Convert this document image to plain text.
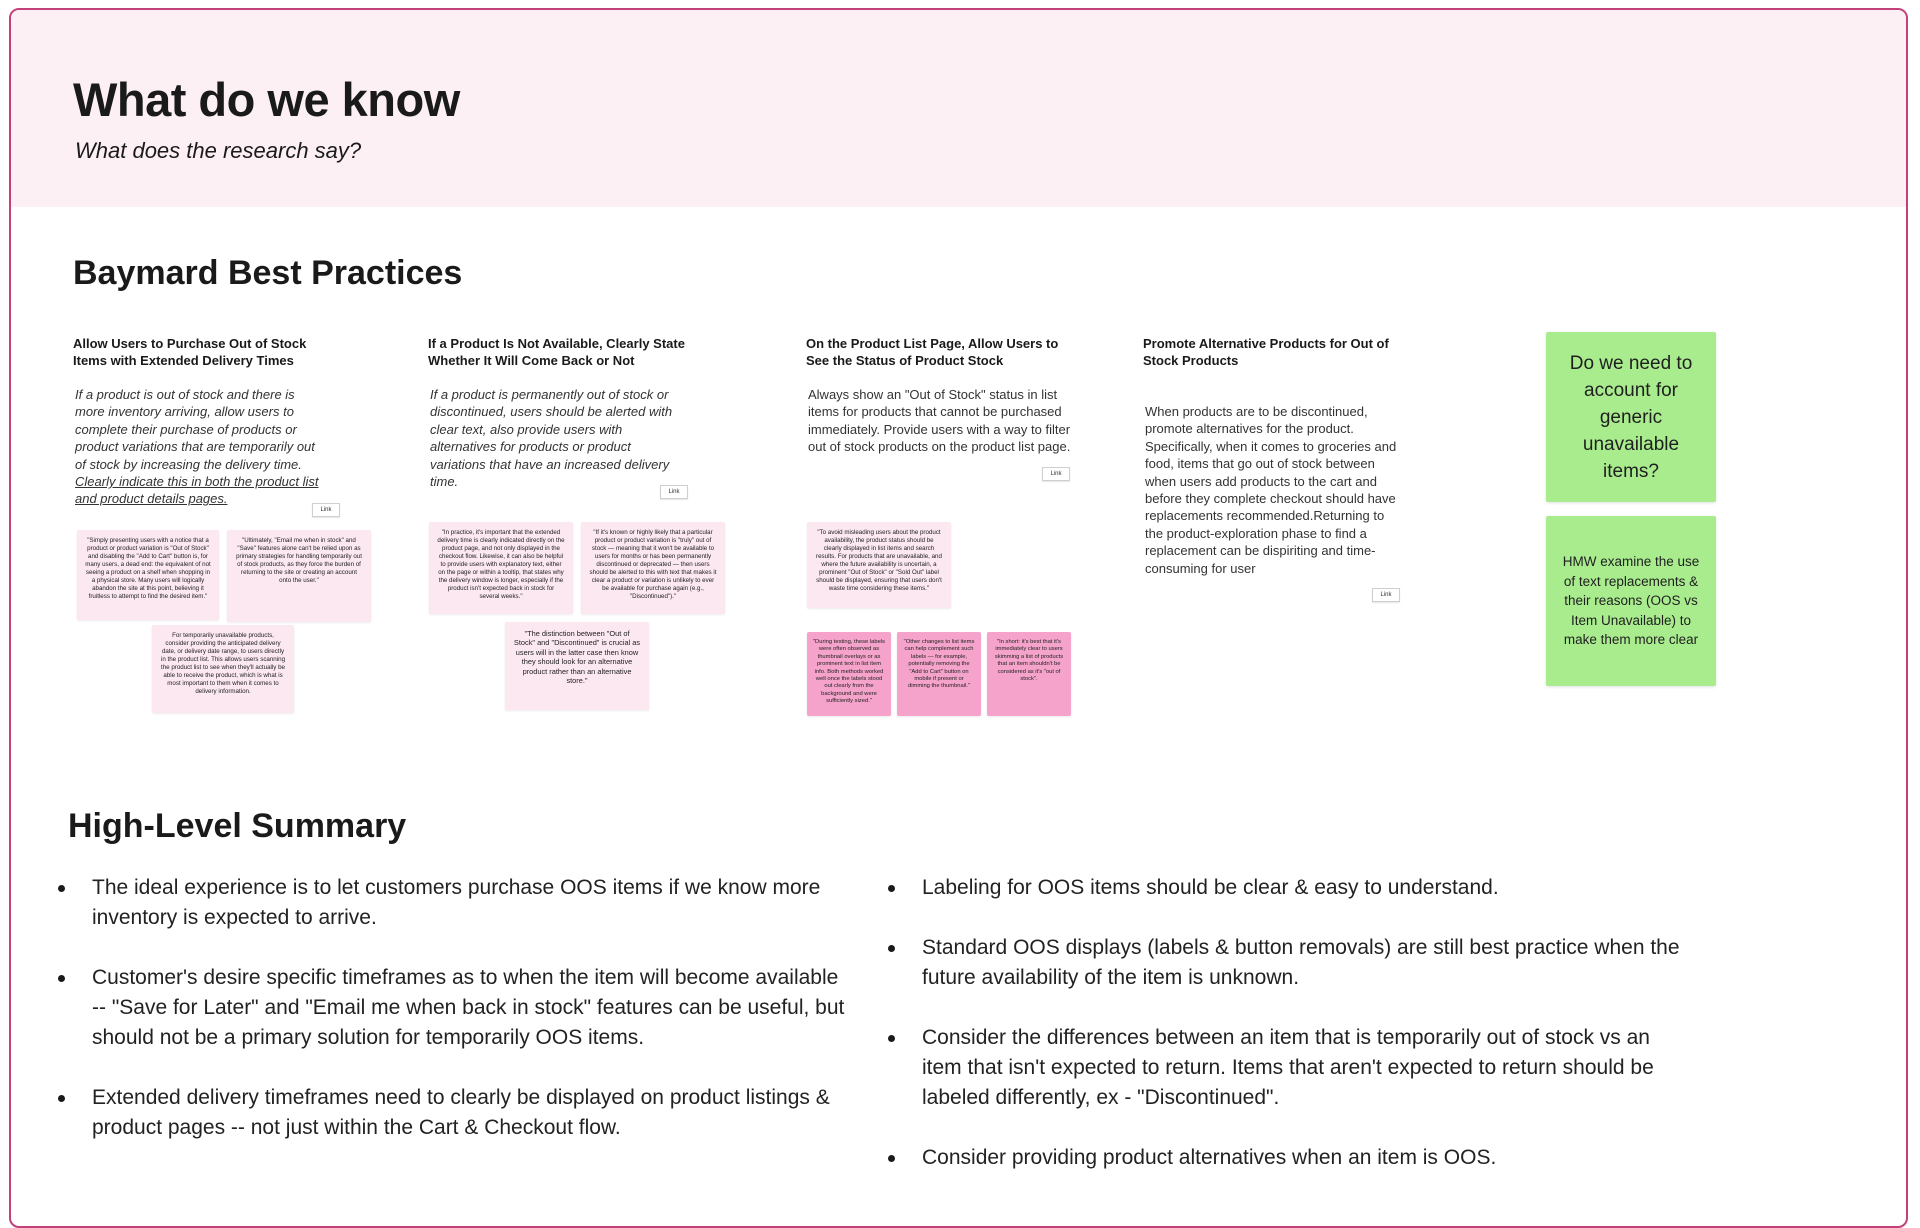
What do we know
What does the research say?
Baymard Best Practices
Allow Users to Purchase Out of Stock Items with Extended Delivery Times
If a product is out of stock and there is more inventory arriving, allow users to complete their purchase of products or product variations that are temporarily out of stock by increasing the delivery time. Clearly indicate this in both the product list and product details pages.
Link
"Simply presenting users with a notice that a product or product variation is "Out of Stock" and disabling the "Add to Cart" button is, for many users, a dead end: the equivalent of not seeing a product on a shelf when shopping in a physical store. Many users will logically abandon the site at this point, believing it fruitless to attempt to find the desired item."
"Ultimately, "Email me when in stock" and "Save" features alone can't be relied upon as primary strategies for handling temporarily out of stock products, as they force the burden of returning to the site or creating an account onto the user."
For temporarily unavailable products, consider providing the anticipated delivery date, or delivery date range, to users directly in the product list. This allows users scanning the product list to see when they'll actually be able to receive the product, which is what is most important to them when it comes to delivery information.
If a Product Is Not Available, Clearly State Whether It Will Come Back or Not
If a product is permanently out of stock or discontinued, users should be alerted with clear text, also provide users with alternatives for products or product variations that have an increased delivery time.
Link
"In practice, it's important that the extended delivery time is clearly indicated directly on the product page, and not only displayed in the checkout flow. Likewise, it can also be helpful to provide users with explanatory text, either on the page or within a tooltip, that states why the delivery window is longer, especially if the product isn't expected back in stock for several weeks."
"If it's known or highly likely that a particular product or product variation is "truly" out of stock — meaning that it won't be available to users for months or has been permanently discontinued or deprecated — then users should be alerted to this with text that makes it clear a product or variation is unlikely to ever be available for purchase again (e.g., "Discontinued")."
"The distinction between "Out of Stock" and "Discontinued" is crucial as users will in the latter case then know they should look for an alternative product rather than an alternative store."
On the Product List Page, Allow Users to See the Status of Product Stock
Always show an "Out of Stock" status in list items for products that cannot be purchased immediately. Provide users with a way to filter out of stock products on the product list page.
Link
"To avoid misleading users about the product availability, the product status should be clearly displayed in list items and search results. For products that are unavailable, and where the future availability is uncertain, a prominent "Out of Stock" or "Sold Out" label should be displayed, ensuring that users don't waste time considering these items."
"During testing, these labels were often observed as thumbnail overlays or as prominent text in list item info. Both methods worked well once the labels stood out clearly from the background and were sufficiently sized."
"Other changes to list items can help complement such labels — for example, potentially removing the "Add to Cart" button on mobile if present or dimming the thumbnail."
"In short: it's best that it's immediately clear to users skimming a list of products that an item shouldn't be considered as it's "out of stock".
Promote Alternative Products for Out of Stock Products
When products are to be discontinued, promote alternatives for the product. Specifically, when it comes to groceries and food, items that go out of stock between when users add products to the cart and before they complete checkout should have replacements recommended.Returning to the product-exploration phase to find a replacement can be dispiriting and time-consuming for user
Link
Do we need to account for generic unavailable items?
HMW examine the use of text replacements & their reasons (OOS vs Item Unavailable) to make them more clear
High-Level Summary
The ideal experience is to let customers purchase OOS items if we know more inventory is expected to arrive.
Customer's desire specific timeframes as to when the item will become available -- "Save for Later" and "Email me when back in stock" features can be useful, but should not be a primary solution for temporarily OOS items.
Extended delivery timeframes need to clearly be displayed on product listings & product pages -- not just within the Cart & Checkout flow.
Labeling for OOS items should be clear & easy to understand.
Standard OOS displays (labels & button removals) are still best practice when the future availability of the item is unknown.
Consider the differences between an item that is temporarily out of stock vs an item that isn't expected to return. Items that aren't expected to return should be labeled differently, ex - "Discontinued".
Consider providing product alternatives when an item is OOS.
